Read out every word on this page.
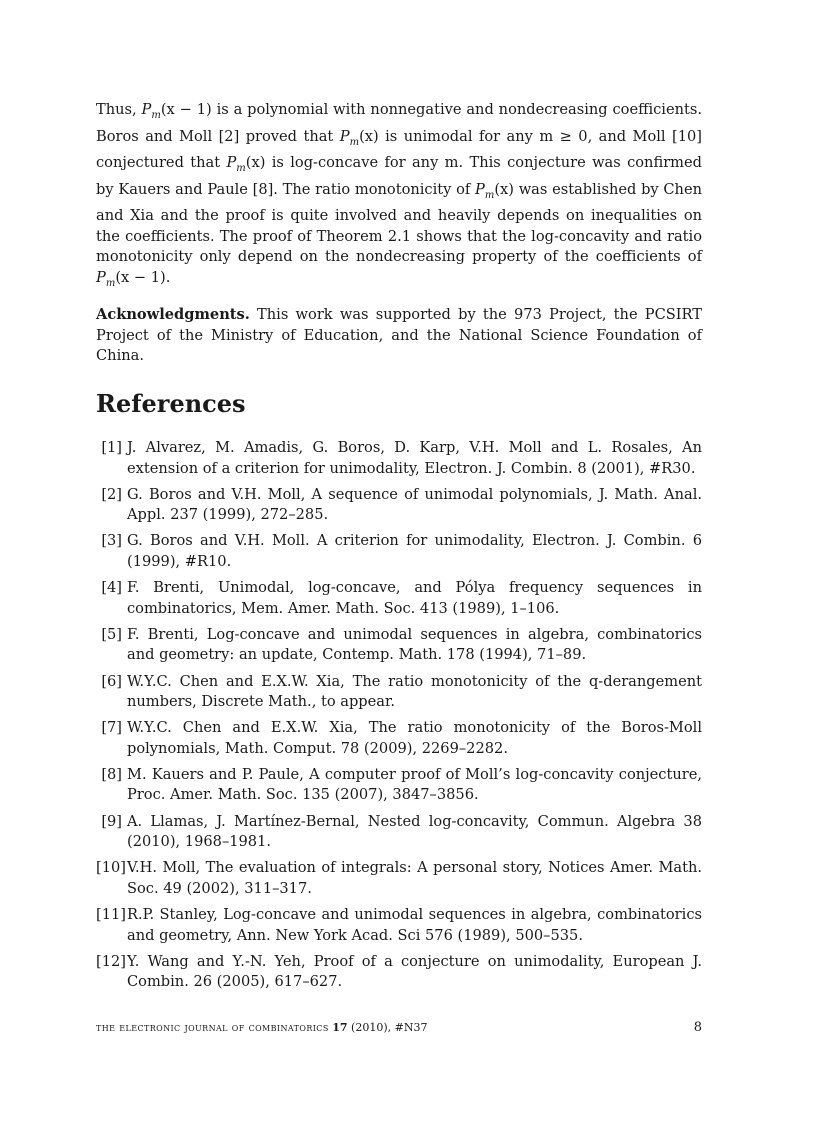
Thus, $P_m(x - 1)$ is a polynomial with nonnegative and nondecreasing coefficients. Boros and Moll [2] proved that $P_m(x)$ is unimodal for any m ≥ 0, and Moll [10] conjectured that $P_m(x)$ is log-concave for any m. This conjecture was confirmed by Kauers and Paule [8]. The ratio monotonicity of $P_m(x)$ was established by Chen and Xia and the proof is quite involved and heavily depends on inequalities on the coefficients. The proof of Theorem 2.1 shows that the log-concavity and ratio monotonicity only depend on the nondecreasing property of the coefficients of $P_m(x - 1)$.

Acknowledgments. This work was supported by the 973 Project, the PCSIRT Project of the Ministry of Education, and the National Science Foundation of China.

References
[1] J. Alvarez, M. Amadis, G. Boros, D. Karp, V.H. Moll and L. Rosales, An extension of a criterion for unimodality, Electron. J. Combin. 8 (2001), #R30.
[2] G. Boros and V.H. Moll, A sequence of unimodal polynomials, J. Math. Anal. Appl. 237 (1999), 272–285.
[3] G. Boros and V.H. Moll. A criterion for unimodality, Electron. J. Combin. 6 (1999), #R10.
[4] F. Brenti, Unimodal, log-concave, and Pólya frequency sequences in combinatorics, Mem. Amer. Math. Soc. 413 (1989), 1–106.
[5] F. Brenti, Log-concave and unimodal sequences in algebra, combinatorics and geometry: an update, Contemp. Math. 178 (1994), 71–89.
[6] W.Y.C. Chen and E.X.W. Xia, The ratio monotonicity of the q-derangement numbers, Discrete Math., to appear.
[7] W.Y.C. Chen and E.X.W. Xia, The ratio monotonicity of the Boros-Moll polynomials, Math. Comput. 78 (2009), 2269–2282.
[8] M. Kauers and P. Paule, A computer proof of Moll’s log-concavity conjecture, Proc. Amer. Math. Soc. 135 (2007), 3847–3856.
[9] A. Llamas, J. Martínez-Bernal, Nested log-concavity, Commun. Algebra 38 (2010), 1968–1981.
[10] V.H. Moll, The evaluation of integrals: A personal story, Notices Amer. Math. Soc. 49 (2002), 311–317.
[11] R.P. Stanley, Log-concave and unimodal sequences in algebra, combinatorics and geometry, Ann. New York Acad. Sci 576 (1989), 500–535.
[12] Y. Wang and Y.-N. Yeh, Proof of a conjecture on unimodality, European J. Combin. 26 (2005), 617–627.
the electronic journal of combinatorics 17 (2010), #N37	8
